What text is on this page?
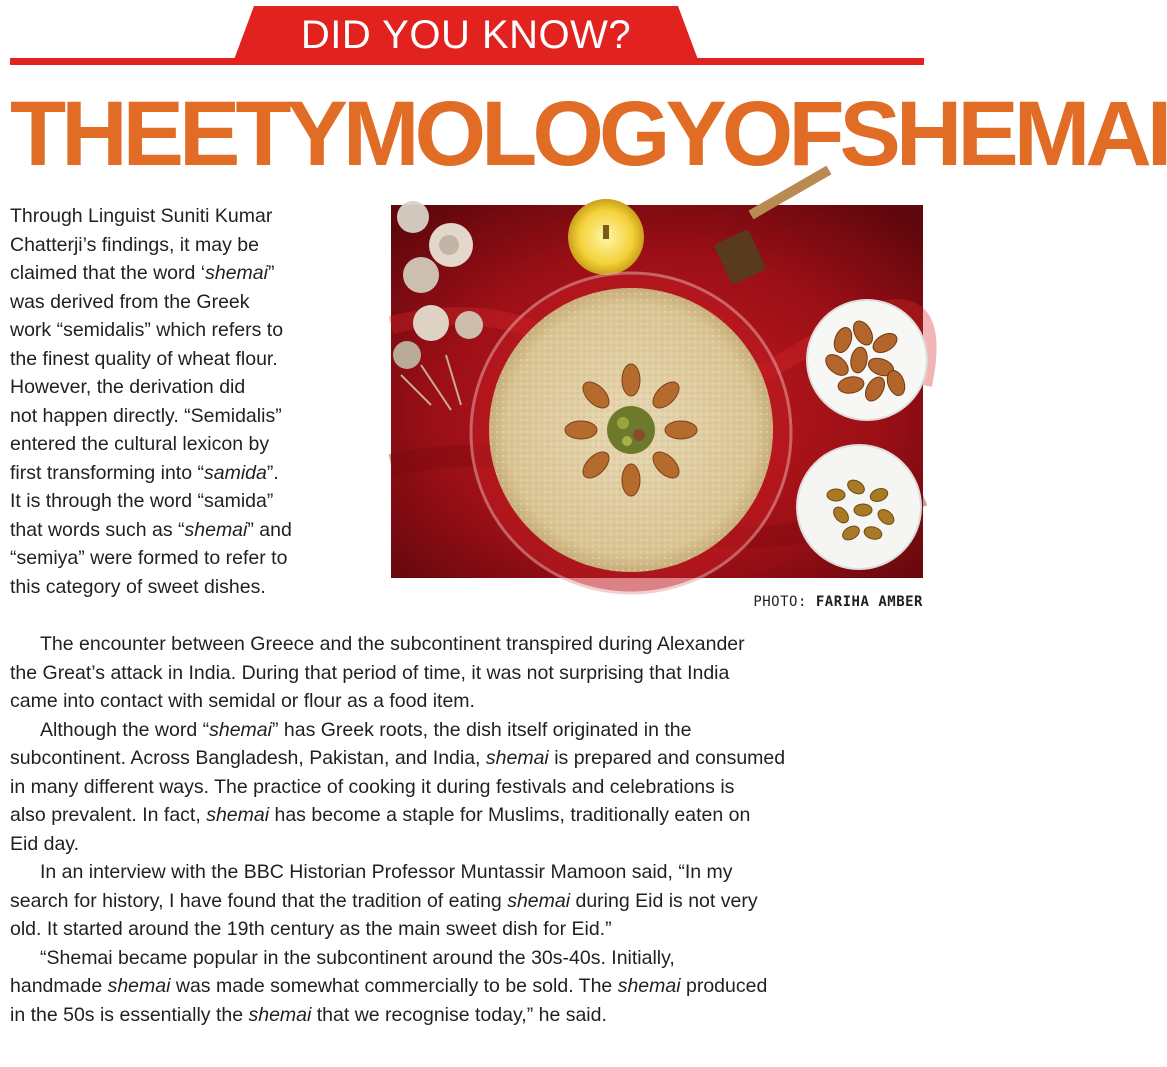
DID YOU KNOW?
THEETYMOLOGYOFSHEMAI

Through Linguist Suniti Kumar
Chatterji’s findings, it may be
claimed that the word ‘shemai”
was derived from the Greek
work “semidalis” which refers to
the finest quality of wheat flour.
However, the derivation did
not happen directly. “Semidalis”
entered the cultural lexicon by
first transforming into “samida”.
It is through the word “samida”
that words such as “shemai” and
“semiya” were formed to refer to
this category of sweet dishes.

PHOTO: FARIHA AMBER

The encounter between Greece and the subcontinent transpired during Alexander
the Great’s attack in India. During that period of time, it was not surprising that India
came into contact with semidal or flour as a food item.

Although the word “shemai” has Greek roots, the dish itself originated in the
subcontinent. Across Bangladesh, Pakistan, and India, shemai is prepared and consumed
in many different ways. The practice of cooking it during festivals and celebrations is
also prevalent. In fact, shemai has become a staple for Muslims, traditionally eaten on
Eid day.

In an interview with the BBC Historian Professor Muntassir Mamoon said, “In my
search for history, I have found that the tradition of eating shemai during Eid is not very
old. It started around the 19th century as the main sweet dish for Eid.”

“Shemai became popular in the subcontinent around the 30s-40s. Initially,
handmade shemai was made somewhat commercially to be sold. The shemai produced
in the 50s is essentially the shemai that we recognise today,” he said.
